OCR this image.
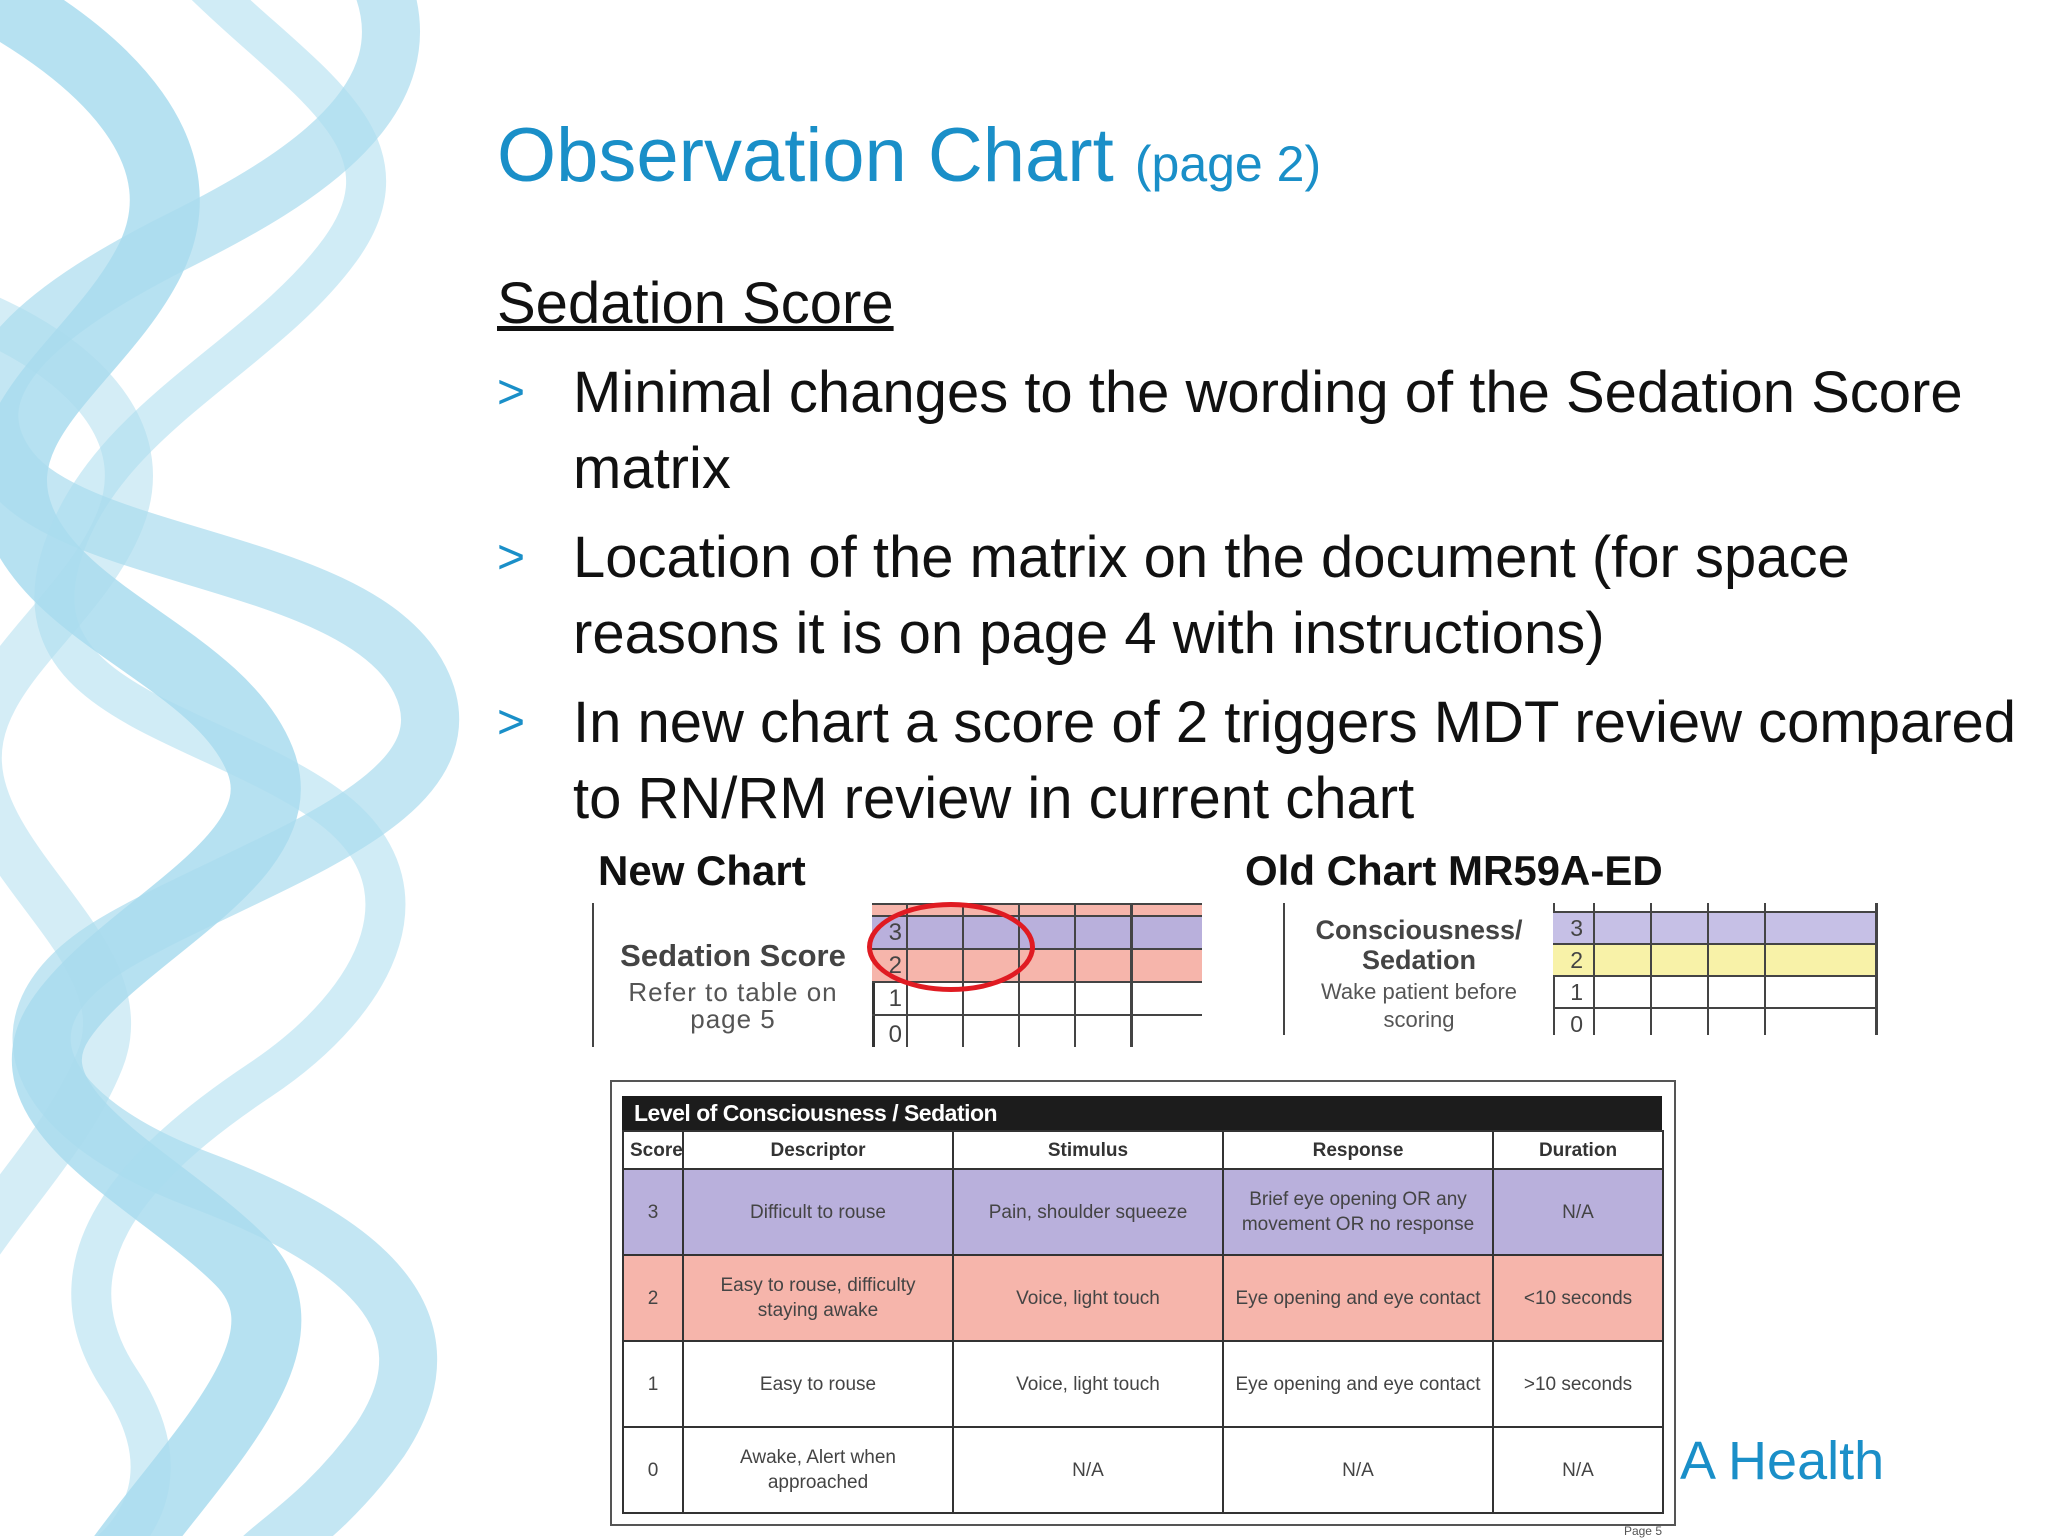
Observation Chart (page 2)
Sedation Score
> Minimal changes to the wording of the Sedation Score matrix
> Location of the matrix on the document (for space reasons it is on page 4 with instructions)
> In new chart a score of 2 triggers MDT review compared to RN/RM review in current chart
New Chart	Old Chart MR59A-ED
Sedation Score
Refer to table on page 5
3
2
1
0
Consciousness/ Sedation
Wake patient before scoring
3
2
1
0
Level of Consciousness / Sedation
Score	Descriptor	Stimulus	Response	Duration
3	Difficult to rouse	Pain, shoulder squeeze	Brief eye opening OR any movement OR no response	N/A
2	Easy to rouse, difficulty staying awake	Voice, light touch	Eye opening and eye contact	<10 seconds
1	Easy to rouse	Voice, light touch	Eye opening and eye contact	>10 seconds
0	Awake, Alert when approached	N/A	N/A	N/A
Page 5
A Health
